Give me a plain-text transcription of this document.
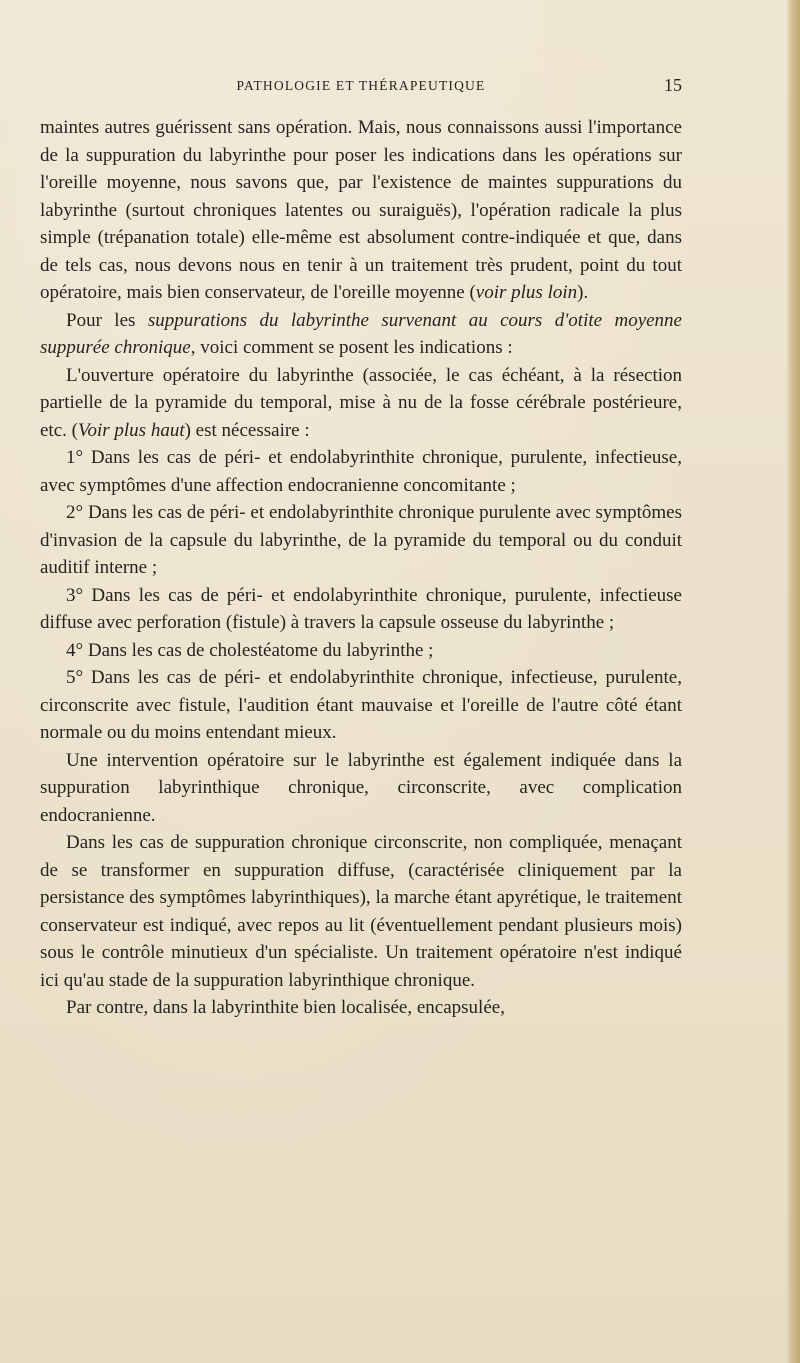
PATHOLOGIE ET THÉRAPEUTIQUE	15

maintes autres guérissent sans opération. Mais, nous connaissons aussi l'importance de la suppuration du labyrinthe pour poser les indications dans les opérations sur l'oreille moyenne, nous savons que, par l'existence de maintes suppurations du labyrinthe (surtout chroniques latentes ou suraiguës), l'opération radicale la plus simple (trépanation totale) elle-même est absolument contre-indiquée et que, dans de tels cas, nous devons nous en tenir à un traitement très prudent, point du tout opératoire, mais bien conservateur, de l'oreille moyenne (voir plus loin).

Pour les suppurations du labyrinthe survenant au cours d'otite moyenne suppurée chronique, voici comment se posent les indications :

L'ouverture opératoire du labyrinthe (associée, le cas échéant, à la résection partielle de la pyramide du temporal, mise à nu de la fosse cérébrale postérieure, etc. (Voir plus haut) est nécessaire :

1° Dans les cas de péri- et endolabyrinthite chronique, purulente, infectieuse, avec symptômes d'une affection endocranienne concomitante ;

2° Dans les cas de péri- et endolabyrinthite chronique purulente avec symptômes d'invasion de la capsule du labyrinthe, de la pyramide du temporal ou du conduit auditif interne ;

3° Dans les cas de péri- et endolabyrinthite chronique, purulente, infectieuse diffuse avec perforation (fistule) à travers la capsule osseuse du labyrinthe ;

4° Dans les cas de cholestéatome du labyrinthe ;

5° Dans les cas de péri- et endolabyrinthite chronique, infectieuse, purulente, circonscrite avec fistule, l'audition étant mauvaise et l'oreille de l'autre côté étant normale ou du moins entendant mieux.

Une intervention opératoire sur le labyrinthe est également indiquée dans la suppuration labyrinthique chronique, circonscrite, avec complication endocranienne.

Dans les cas de suppuration chronique circonscrite, non compliquée, menaçant de se transformer en suppuration diffuse, (caractérisée cliniquement par la persistance des symptômes labyrinthiques), la marche étant apyrétique, le traitement conservateur est indiqué, avec repos au lit (éventuellement pendant plusieurs mois) sous le contrôle minutieux d'un spécialiste. Un traitement opératoire n'est indiqué ici qu'au stade de la suppuration labyrinthique chronique.

Par contre, dans la labyrinthite bien localisée, encapsulée,
